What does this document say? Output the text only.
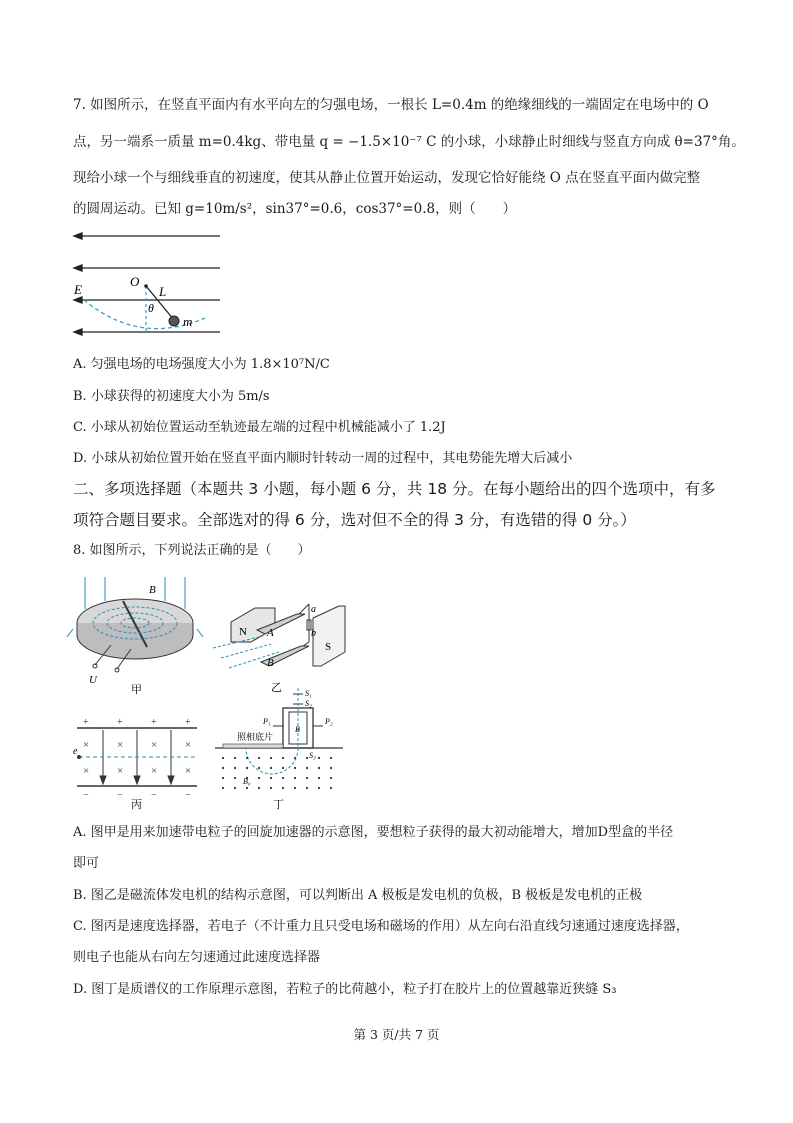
7. 如图所示，在竖直平面内有水平向左的匀强电场，一根长 L=0.4m 的绝缘细线的一端固定在电场中的 O
点，另一端系一质量 m=0.4kg、带电量 q = −1.5×10⁻⁷ C 的小球，小球静止时细线与竖直方向成 θ=37°角。
现给小球一个与细线垂直的初速度，使其从静止位置开始运动，发现它恰好能绕 O 点在竖直平面内做完整
的圆周运动。已知 g=10m/s²，sin37°=0.6，cos37°=0.8，则（　　）
O
L
θ
E
m
A. 匀强电场的电场强度大小为 1.8×10⁷N/C
B. 小球获得的初速度大小为 5m/s
C. 小球从初始位置运动至轨迹最左端的过程中机械能减小了 1.2J
D. 小球从初始位置开始在竖直平面内顺时针转动一周的过程中，其电势能先增大后减小
二、多项选择题（本题共 3 小题，每小题 6 分，共 18 分。在每小题给出的四个选项中，有多
项符合题目要求。全部选对的得 6 分，选对但不全的得 3 分，有选错的得 0 分。）
8. 如图所示，下列说法正确的是（　　）
B
U
甲
N A
B
S
a
b
乙
+	+	+	+
−	−	−	−
×	×	×	×
×	×	×	×
e
丙
照相底片
S₁
S₂
S₃
P₁	P₂
B
B₀
丁
A. 图甲是用来加速带电粒子的回旋加速器的示意图，要想粒子获得的最大初动能增大，增加D型盒的半径
即可
B. 图乙是磁流体发电机的结构示意图，可以判断出 A 极板是发电机的负极，B 极板是发电机的正极
C. 图丙是速度选择器，若电子（不计重力且只受电场和磁场的作用）从左向右沿直线匀速通过速度选择器，
则电子也能从右向左匀速通过此速度选择器
D. 图丁是质谱仪的工作原理示意图，若粒子的比荷越小，粒子打在胶片上的位置越靠近狭缝 S₃
第 3 页/共 7 页
